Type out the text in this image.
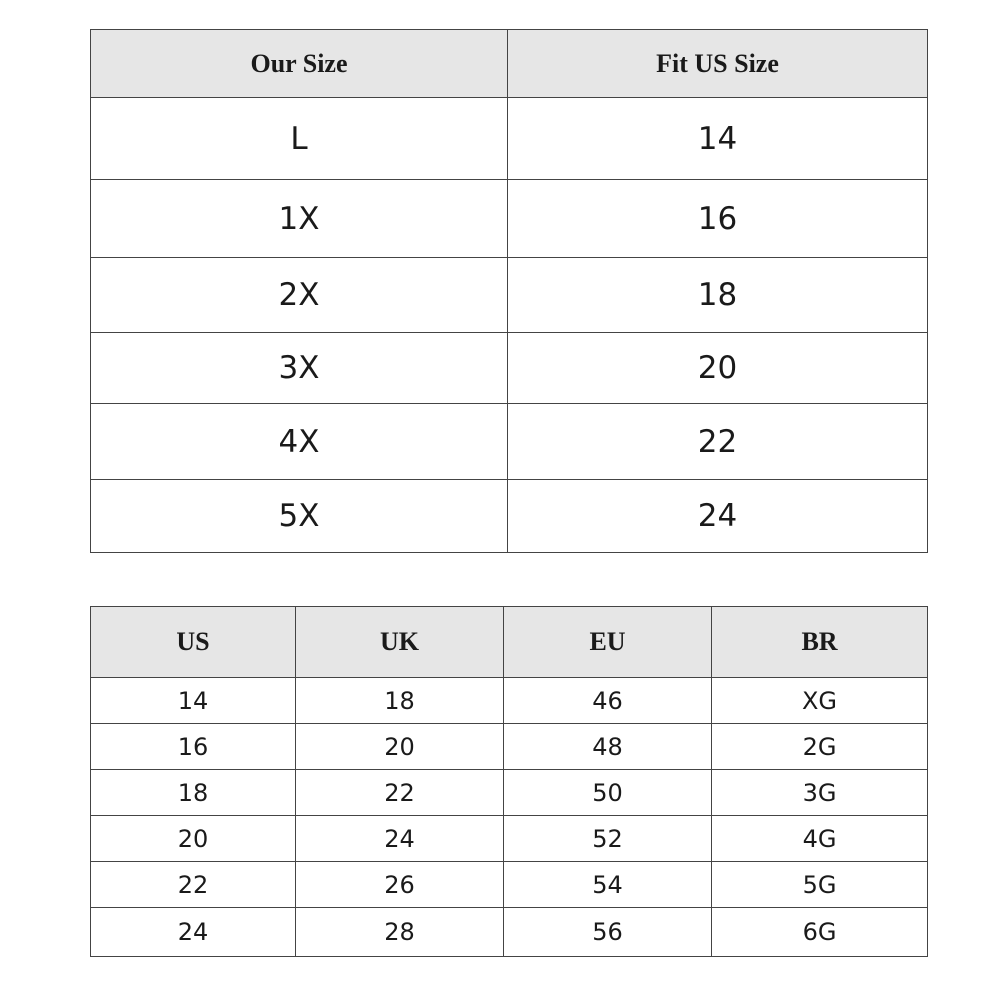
Our Size	Fit US Size
L	14
1X	16
2X	18
3X	20
4X	22
5X	24
US	UK	EU	BR
14	18	46	XG
16	20	48	2G
18	22	50	3G
20	24	52	4G
22	26	54	5G
24	28	56	6G
